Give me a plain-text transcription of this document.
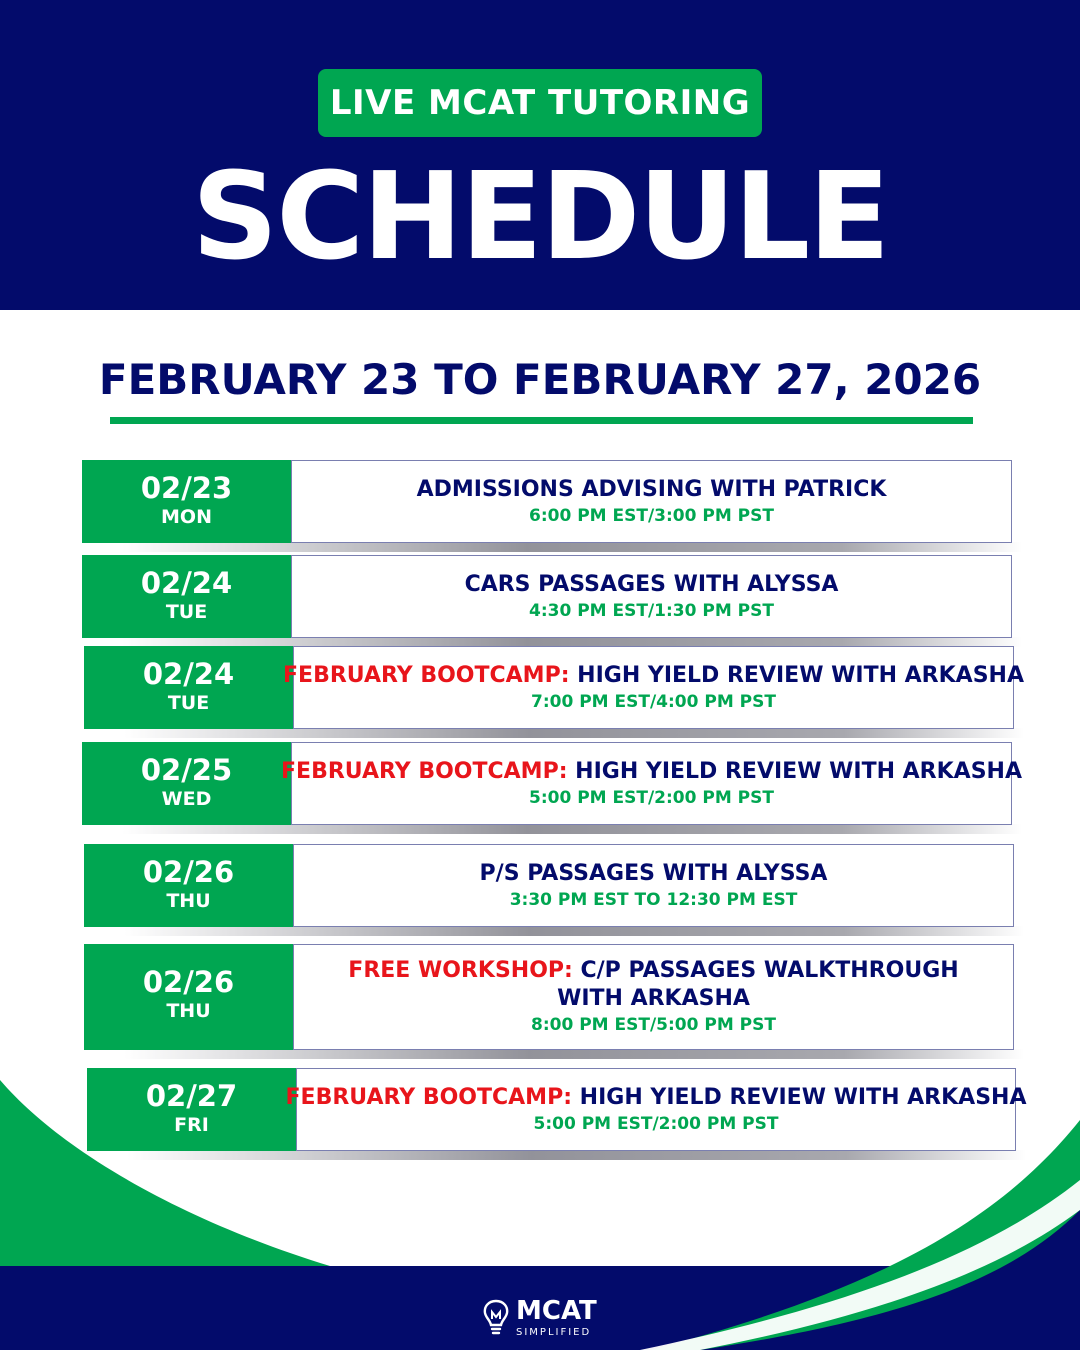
LIVE MCAT TUTORING
SCHEDULE
FEBRUARY 23 TO FEBRUARY 27, 2026
02/23
MON
ADMISSIONS ADVISING WITH PATRICK
6:00 PM EST/3:00 PM PST
02/24
TUE
CARS PASSAGES WITH ALYSSA
4:30 PM EST/1:30 PM PST
02/24
TUE
FEBRUARY BOOTCAMP: HIGH YIELD REVIEW WITH ARKASHA
7:00 PM EST/4:00 PM PST
02/25
WED
FEBRUARY BOOTCAMP: HIGH YIELD REVIEW WITH ARKASHA
5:00 PM EST/2:00 PM PST
02/26
THU
P/S PASSAGES WITH ALYSSA
3:30 PM EST TO 12:30 PM EST
02/26
THU
FREE WORKSHOP: C/P PASSAGES WALKTHROUGH WITH ARKASHA
8:00 PM EST/5:00 PM PST
02/27
FRI
FEBRUARY BOOTCAMP: HIGH YIELD REVIEW WITH ARKASHA
5:00 PM EST/2:00 PM PST
MCAT
SIMPLIFIED
